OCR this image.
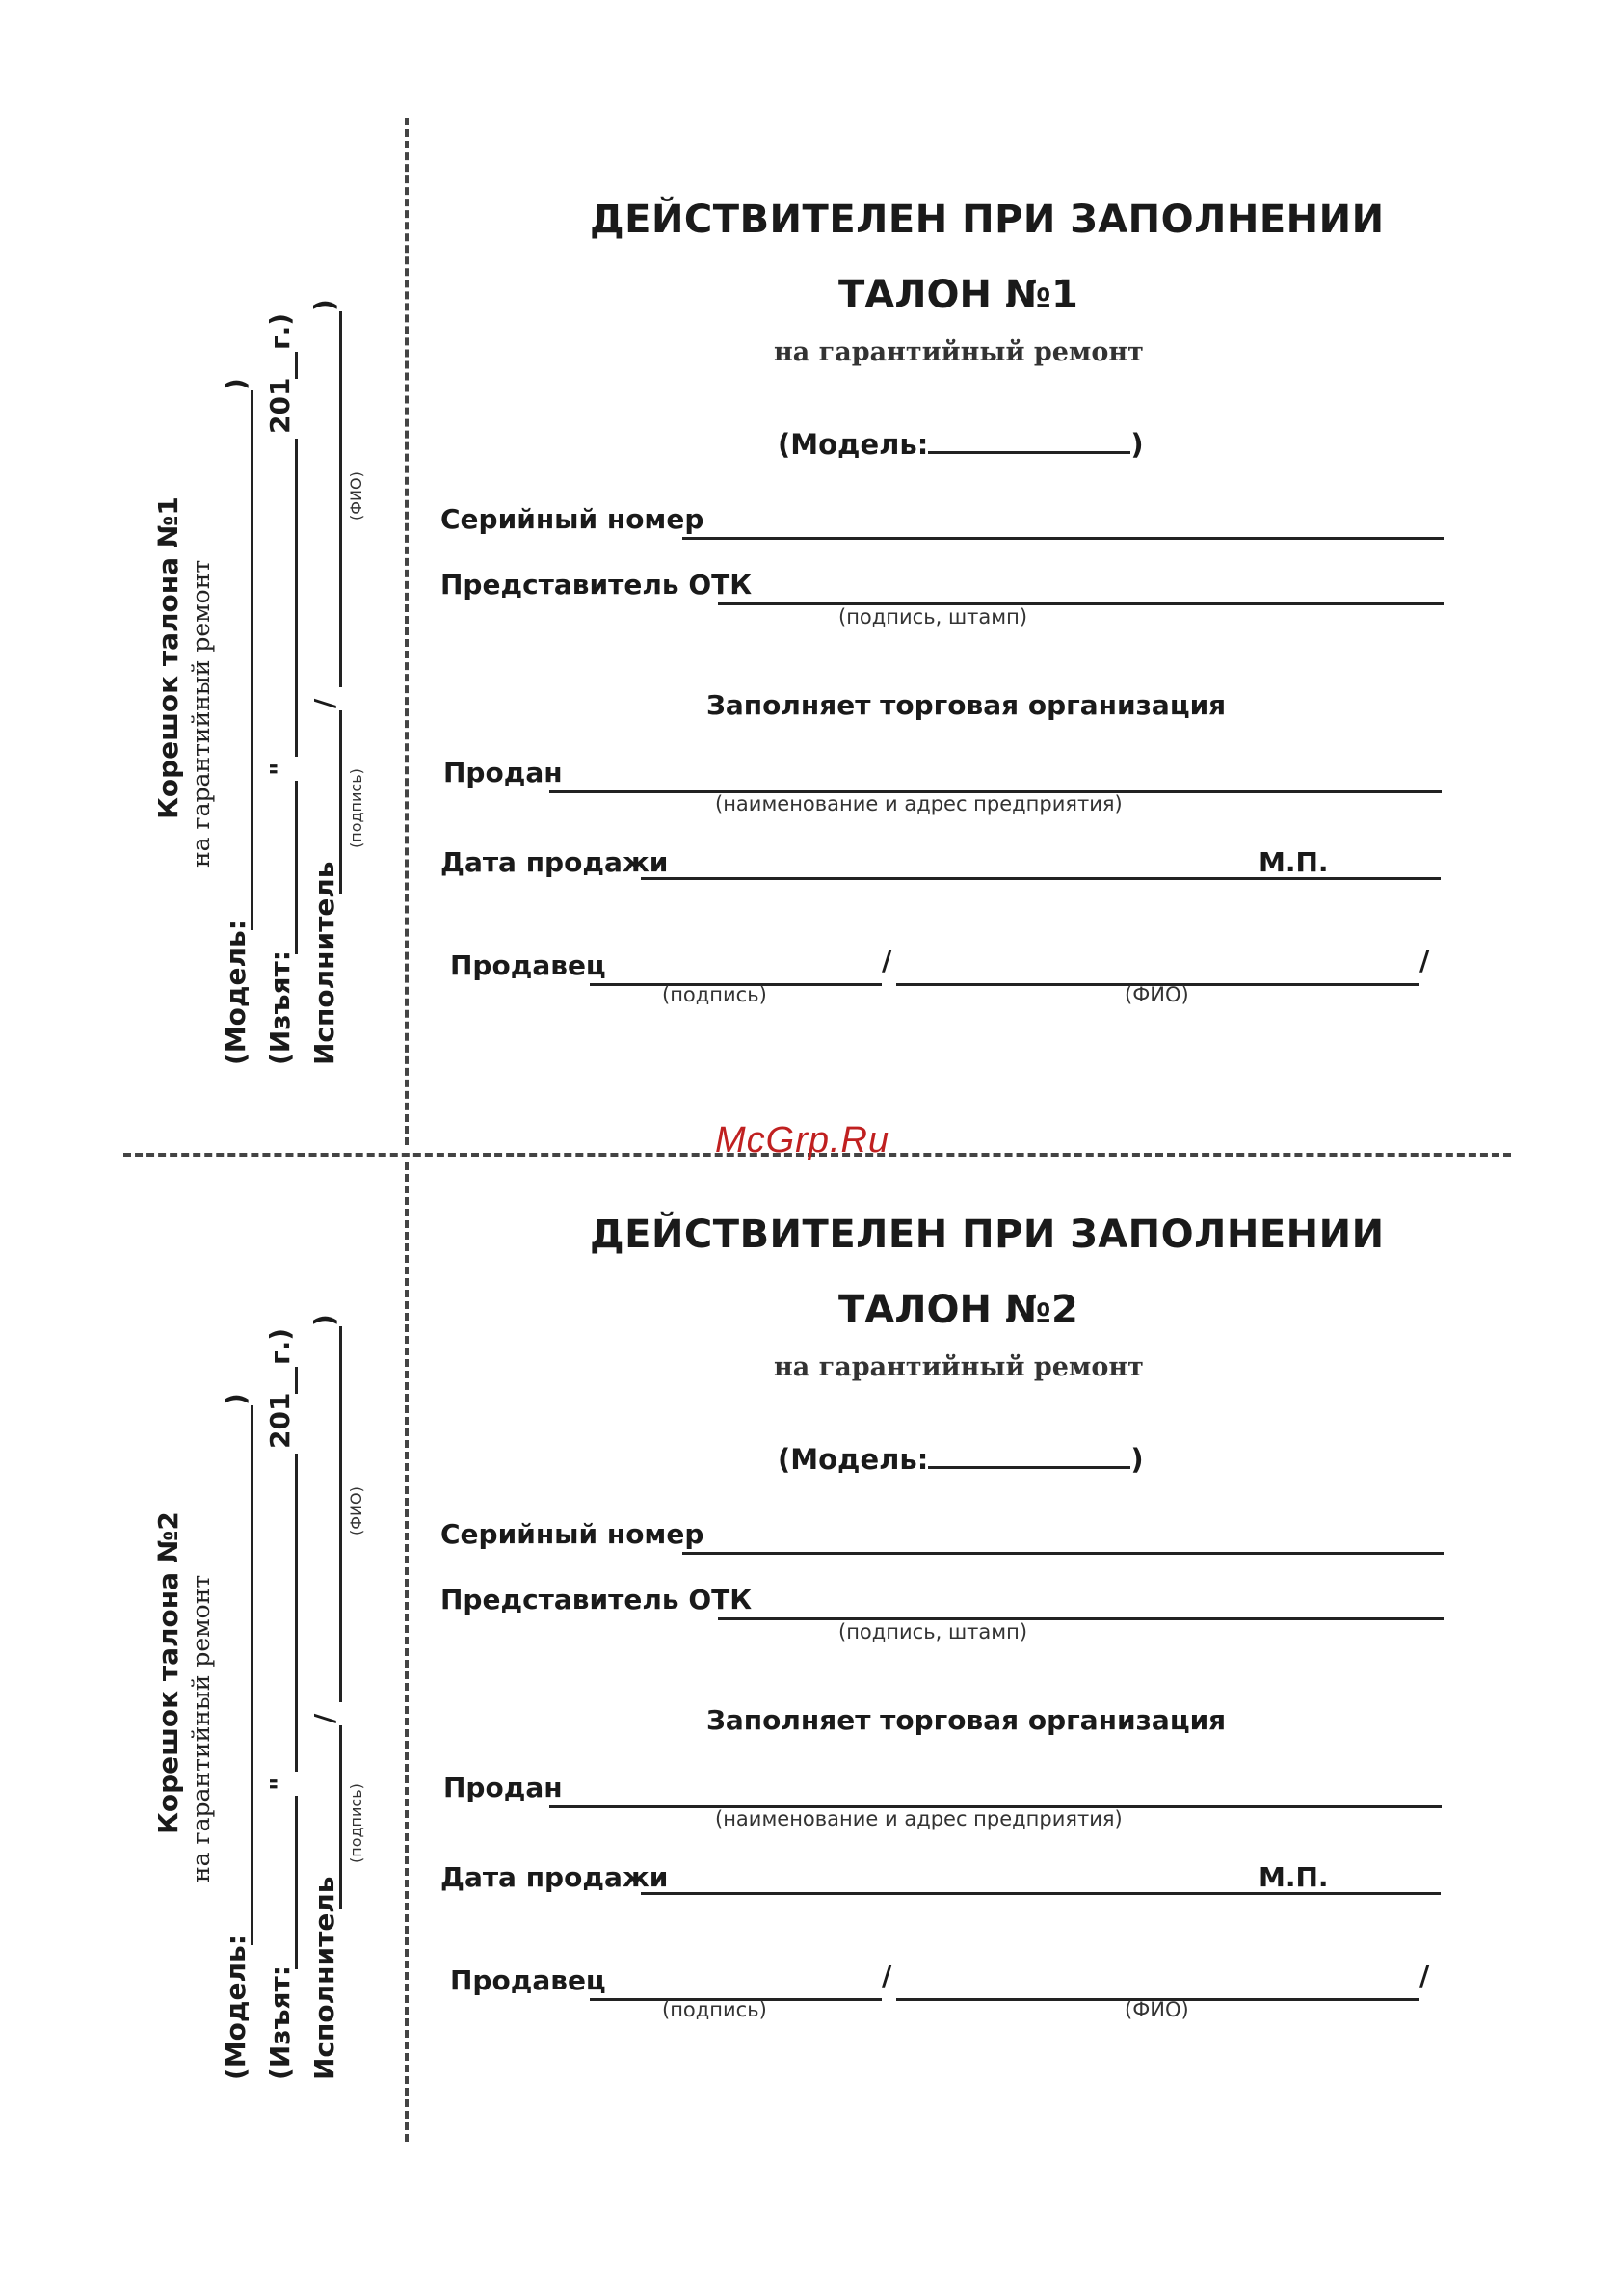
McGrp.Ru
Корешок талона №1 на гарантийный ремонт
(Модель:
)
(Изъят:
"
201
г.)
Исполнитель
/
)
(подпись)
(ФИО)
ДЕЙСТВИТЕЛЕН ПРИ ЗАПОЛНЕНИИ
ТАЛОН №1
на гарантийный ремонт
(Модель:	)
Серийный номер
Представитель ОТК
(подпись, штамп)
Заполняет торговая организация
Продан
(наименование и адрес предприятия)
Дата продажи	М.П.
Продавец	/	/
(подпись)	(ФИО)
Корешок талона №2 на гарантийный ремонт
(Модель:
)
(Изъят:
"
201
г.)
Исполнитель
/
)
(подпись)
(ФИО)
ДЕЙСТВИТЕЛЕН ПРИ ЗАПОЛНЕНИИ
ТАЛОН №2
на гарантийный ремонт
(Модель:	)
Серийный номер
Представитель ОТК
(подпись, штамп)
Заполняет торговая организация
Продан
(наименование и адрес предприятия)
Дата продажи	М.П.
Продавец	/	/
(подпись)	(ФИО)
